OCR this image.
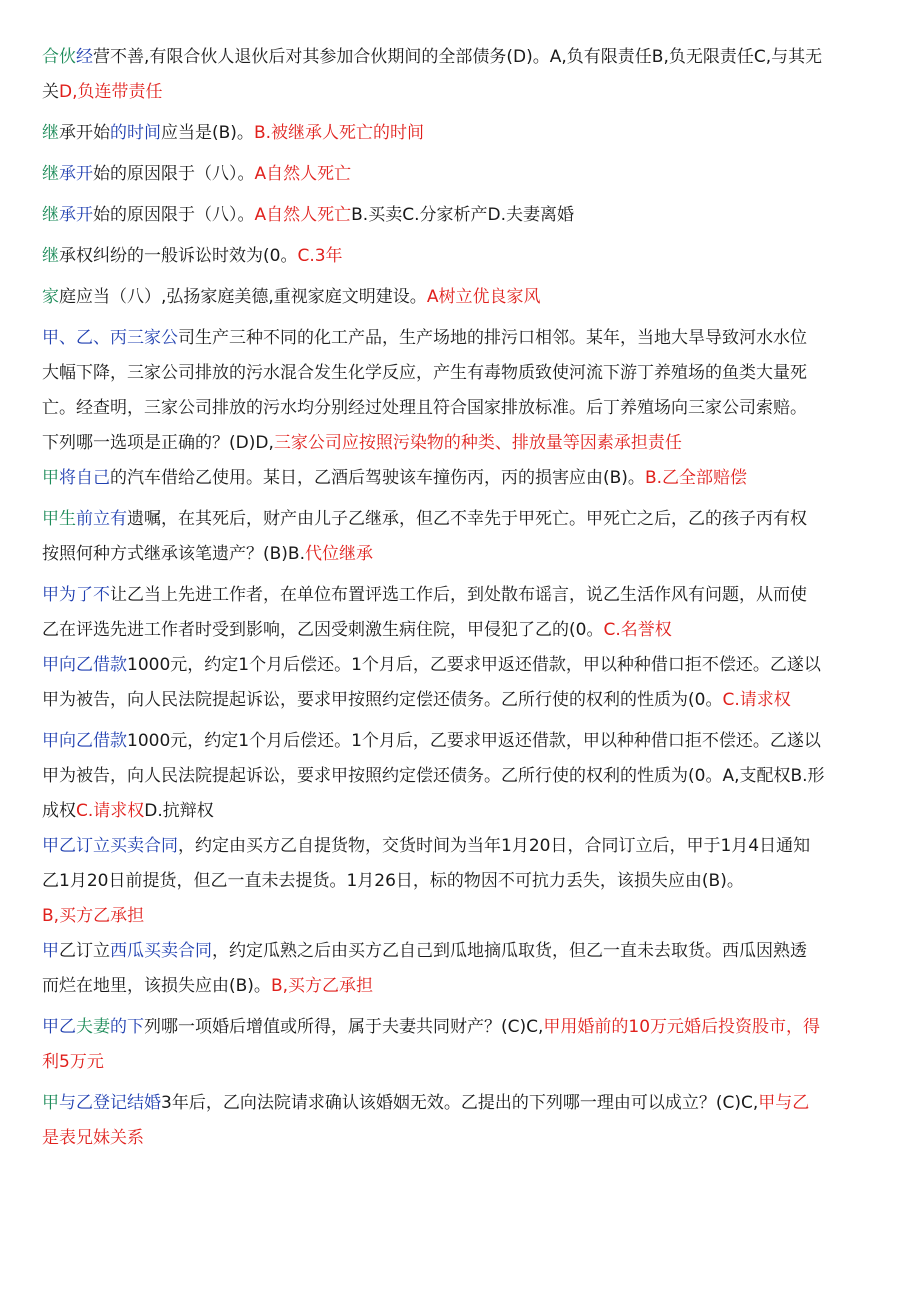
合伙经营不善,有限合伙人退伙后对其参加合伙期间的全部债务(D)。A,负有限责任B,负无限责任C,与其无
关D,负连带责任
继承开始的时间应当是(B)。B.被继承人死亡的时间
继承开始的原因限于（八）。A自然人死亡
继承开始的原因限于（八）。A自然人死亡B.买卖C.分家析产D.夫妻离婚
继承权纠纷的一般诉讼时效为(0。C.3年
家庭应当（八）,弘扬家庭美德,重视家庭文明建设。A树立优良家风
甲、乙、丙三家公司生产三种不同的化工产品，生产场地的排污口相邻。某年，当地大旱导致河水水位
大幅下降，三家公司排放的污水混合发生化学反应，产生有毒物质致使河流下游丁养殖场的鱼类大量死
亡。经查明，三家公司排放的污水均分别经过处理且符合国家排放标准。后丁养殖场向三家公司索赔。
下列哪一选项是正确的？(D)D,三家公司应按照污染物的种类、排放量等因素承担责任
甲将自己的汽车借给乙使用。某日，乙酒后驾驶该车撞伤丙，丙的损害应由(B)。B.乙全部赔偿
甲生前立有遗嘱，在其死后，财产由儿子乙继承，但乙不幸先于甲死亡。甲死亡之后，乙的孩子丙有权
按照何种方式继承该笔遗产？(B)B.代位继承
甲为了不让乙当上先进工作者，在单位布置评选工作后，到处散布谣言，说乙生活作风有问题，从而使
乙在评选先进工作者时受到影响，乙因受刺激生病住院，甲侵犯了乙的(0。C.名誉权
甲向乙借款1000元，约定1个月后偿还。1个月后，乙要求甲返还借款，甲以种种借口拒不偿还。乙遂以
甲为被告，向人民法院提起诉讼，要求甲按照约定偿还债务。乙所行使的权利的性质为(0。C.请求权
甲向乙借款1000元，约定1个月后偿还。1个月后，乙要求甲返还借款，甲以种种借口拒不偿还。乙遂以
甲为被告，向人民法院提起诉讼，要求甲按照约定偿还债务。乙所行使的权利的性质为(0。A,支配权B.形
成权C.请求权D.抗辩权
甲乙订立买卖合同，约定由买方乙自提货物，交货时间为当年1月20日，合同订立后，甲于1月4日通知
乙1月20日前提货，但乙一直未去提货。1月26日，标的物因不可抗力丢失，该损失应由(B)。
B,买方乙承担
甲乙订立西瓜买卖合同，约定瓜熟之后由买方乙自己到瓜地摘瓜取货，但乙一直未去取货。西瓜因熟透
而烂在地里，该损失应由(B)。B,买方乙承担
甲乙夫妻的下列哪一项婚后增值或所得，属于夫妻共同财产？(C)C,甲用婚前的10万元婚后投资股市，得
利5万元
甲与乙登记结婚3年后，乙向法院请求确认该婚姻无效。乙提出的下列哪一理由可以成立？(C)C,甲与乙
是表兄妹关系
